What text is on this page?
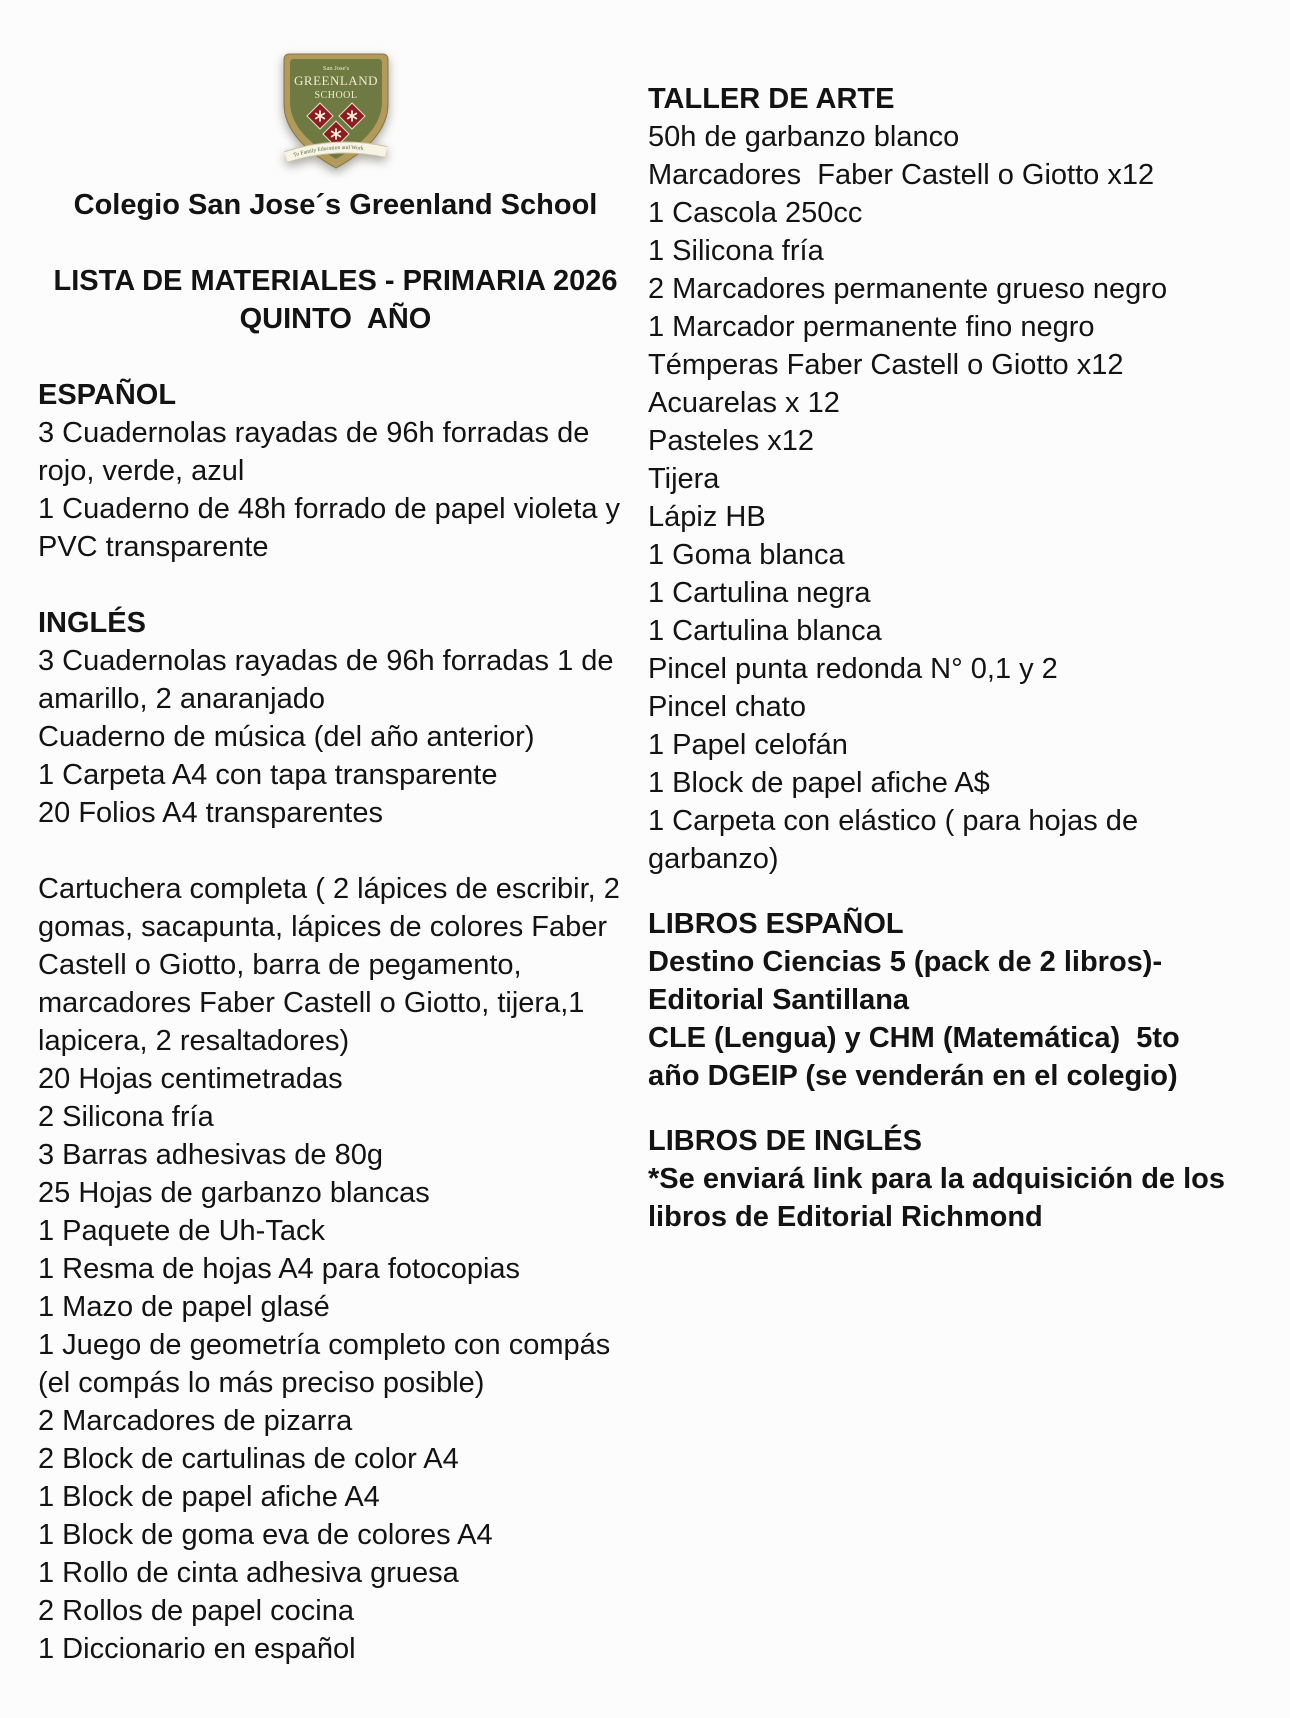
San Jose's
GREENLAND
SCHOOL
To Family Education and Work
Colegio San Jose´s Greenland School
LISTA DE MATERIALES - PRIMARIA 2026
QUINTO  AÑO
ESPAÑOL
3 Cuadernolas rayadas de 96h forradas de
rojo, verde, azul
1 Cuaderno de 48h forrado de papel violeta y
PVC transparente
INGLÉS
3 Cuadernolas rayadas de 96h forradas 1 de
amarillo, 2 anaranjado
Cuaderno de música (del año anterior)
1 Carpeta A4 con tapa transparente
20 Folios A4 transparentes
Cartuchera completa ( 2 lápices de escribir, 2
gomas, sacapunta, lápices de colores Faber
Castell o Giotto, barra de pegamento,
marcadores Faber Castell o Giotto, tijera,1
lapicera, 2 resaltadores)
20 Hojas centimetradas
2 Silicona fría
3 Barras adhesivas de 80g
25 Hojas de garbanzo blancas
1 Paquete de Uh-Tack
1 Resma de hojas A4 para fotocopias
1 Mazo de papel glasé
1 Juego de geometría completo con compás
(el compás lo más preciso posible)
2 Marcadores de pizarra
2 Block de cartulinas de color A4
1 Block de papel afiche A4
1 Block de goma eva de colores A4
1 Rollo de cinta adhesiva gruesa
2 Rollos de papel cocina
1 Diccionario en español
TALLER DE ARTE
50h de garbanzo blanco
Marcadores  Faber Castell o Giotto x12
1 Cascola 250cc
1 Silicona fría
2 Marcadores permanente grueso negro
1 Marcador permanente fino negro
Témperas Faber Castell o Giotto x12
Acuarelas x 12
Pasteles x12
Tijera
Lápiz HB
1 Goma blanca
1 Cartulina negra
1 Cartulina blanca
Pincel punta redonda N° 0,1 y 2
Pincel chato
1 Papel celofán
1 Block de papel afiche A$
1 Carpeta con elástico ( para hojas de
garbanzo)
LIBROS ESPAÑOL
Destino Ciencias 5 (pack de 2 libros)-
Editorial Santillana
CLE (Lengua) y CHM (Matemática)  5to
año DGEIP (se venderán en el colegio)
LIBROS DE INGLÉS
*Se enviará link para la adquisición de los
libros de Editorial Richmond
